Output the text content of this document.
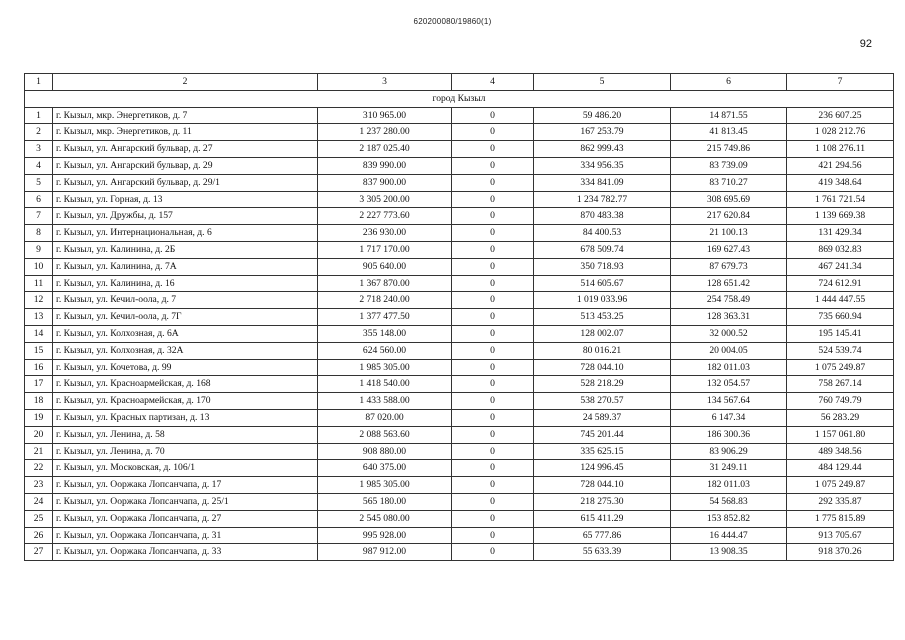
620200080/19860(1)
92
1	2	3	4	5	6	7
город Кызыл						
1	г. Кызыл, мкр. Энергетиков, д. 7	310 965.00	0	59 486.20	14 871.55	236 607.25
2	г. Кызыл, мкр. Энергетиков, д. 11	1 237 280.00	0	167 253.79	41 813.45	1 028 212.76
3	г. Кызыл, ул. Ангарский бульвар, д. 27	2 187 025.40	0	862 999.43	215 749.86	1 108 276.11
4	г. Кызыл, ул. Ангарский бульвар, д. 29	839 990.00	0	334 956.35	83 739.09	421 294.56
5	г. Кызыл, ул. Ангарский бульвар, д. 29/1	837 900.00	0	334 841.09	83 710.27	419 348.64
6	г. Кызыл, ул. Горная, д. 13	3 305 200.00	0	1 234 782.77	308 695.69	1 761 721.54
7	г. Кызыл, ул. Дружбы, д. 157	2 227 773.60	0	870 483.38	217 620.84	1 139 669.38
8	г. Кызыл, ул. Интернациональная, д. 6	236 930.00	0	84 400.53	21 100.13	131 429.34
9	г. Кызыл, ул. Калинина, д. 2Б	1 717 170.00	0	678 509.74	169 627.43	869 032.83
10	г. Кызыл, ул. Калинина, д. 7А	905 640.00	0	350 718.93	87 679.73	467 241.34
11	г. Кызыл, ул. Калинина, д. 16	1 367 870.00	0	514 605.67	128 651.42	724 612.91
12	г. Кызыл, ул. Кечил-оола, д. 7	2 718 240.00	0	1 019 033.96	254 758.49	1 444 447.55
13	г. Кызыл, ул. Кечил-оола, д. 7Г	1 377 477.50	0	513 453.25	128 363.31	735 660.94
14	г. Кызыл, ул. Колхозная, д. 6А	355 148.00	0	128 002.07	32 000.52	195 145.41
15	г. Кызыл, ул. Колхозная, д. 32А	624 560.00	0	80 016.21	20 004.05	524 539.74
16	г. Кызыл, ул. Кочетова, д. 99	1 985 305.00	0	728 044.10	182 011.03	1 075 249.87
17	г. Кызыл, ул. Красноармейская, д. 168	1 418 540.00	0	528 218.29	132 054.57	758 267.14
18	г. Кызыл, ул. Красноармейская, д. 170	1 433 588.00	0	538 270.57	134 567.64	760 749.79
19	г. Кызыл, ул. Красных партизан, д. 13	87 020.00	0	24 589.37	6 147.34	56 283.29
20	г. Кызыл, ул. Ленина, д. 58	2 088 563.60	0	745 201.44	186 300.36	1 157 061.80
21	г. Кызыл, ул. Ленина, д. 70	908 880.00	0	335 625.15	83 906.29	489 348.56
22	г. Кызыл, ул. Московская, д. 106/1	640 375.00	0	124 996.45	31 249.11	484 129.44
23	г. Кызыл, ул. Ооржака Лопсанчапа, д. 17	1 985 305.00	0	728 044.10	182 011.03	1 075 249.87
24	г. Кызыл, ул. Ооржака Лопсанчапа, д. 25/1	565 180.00	0	218 275.30	54 568.83	292 335.87
25	г. Кызыл, ул. Ооржака Лопсанчапа, д. 27	2 545 080.00	0	615 411.29	153 852.82	1 775 815.89
26	г. Кызыл, ул. Ооржака Лопсанчапа, д. 31	995 928.00	0	65 777.86	16 444.47	913 705.67
27	г. Кызыл, ул. Ооржака Лопсанчапа, д. 33	987 912.00	0	55 633.39	13 908.35	918 370.26
